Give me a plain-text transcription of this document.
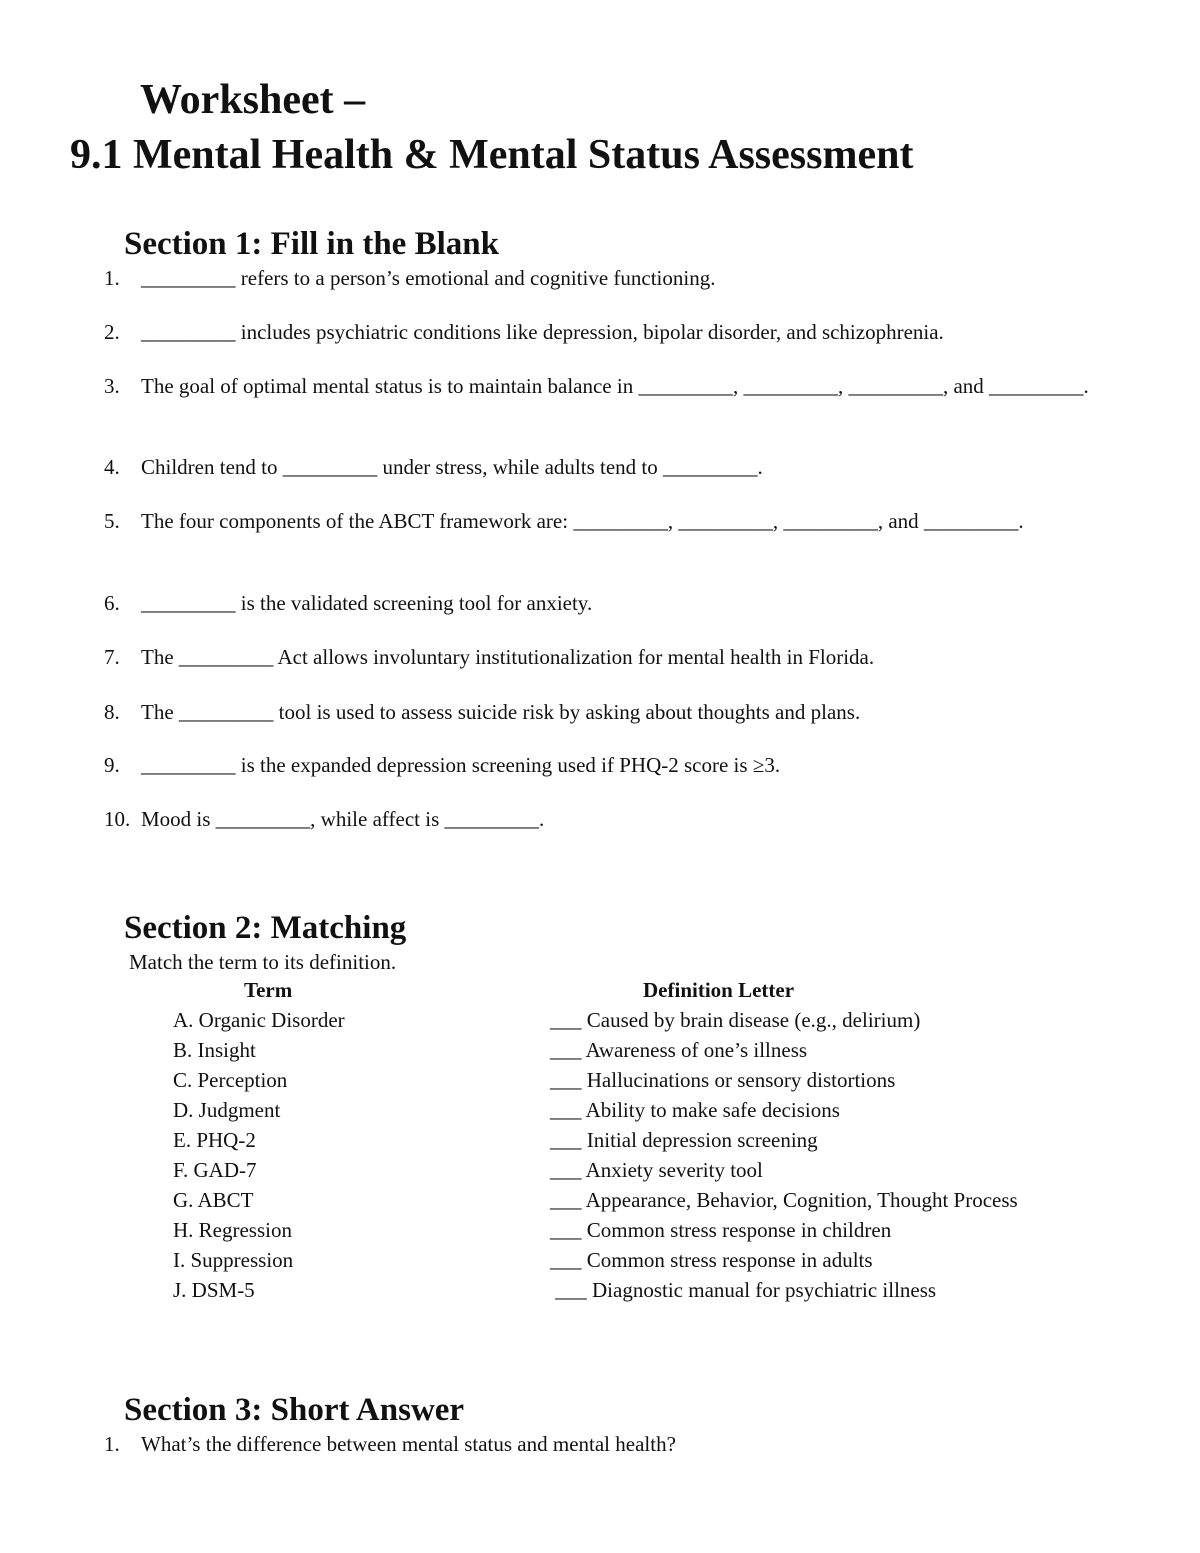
Worksheet –
9.1 Mental Health & Mental Status Assessment
Section 1: Fill in the Blank
1.	_________ refers to a person’s emotional and cognitive functioning.
2.	_________ includes psychiatric conditions like depression, bipolar disorder, and schizophrenia.
3.	The goal of optimal mental status is to maintain balance in _________, _________, _________, and _________.
4.	Children tend to _________ under stress, while adults tend to _________.
5.	The four components of the ABCT framework are: _________, _________, _________, and _________.
6.	_________ is the validated screening tool for anxiety.
7.	The _________ Act allows involuntary institutionalization for mental health in Florida.
8.	The _________ tool is used to assess suicide risk by asking about thoughts and plans.
9.	_________ is the expanded depression screening used if PHQ-2 score is ≥3.
10. Mood is _________, while affect is _________.
Section 2: Matching
Match the term to its definition.
Term	Definition Letter
A. Organic Disorder	___ Caused by brain disease (e.g., delirium)
B. Insight	___ Awareness of one’s illness
C. Perception	___ Hallucinations or sensory distortions
D. Judgment	___ Ability to make safe decisions
E. PHQ-2	___ Initial depression screening
F. GAD-7	___ Anxiety severity tool
G. ABCT	___ Appearance, Behavior, Cognition, Thought Process
H. Regression	___ Common stress response in children
I. Suppression	___ Common stress response in adults
J. DSM-5	___ Diagnostic manual for psychiatric illness
Section 3: Short Answer
1.	What’s the difference between mental status and mental health?
